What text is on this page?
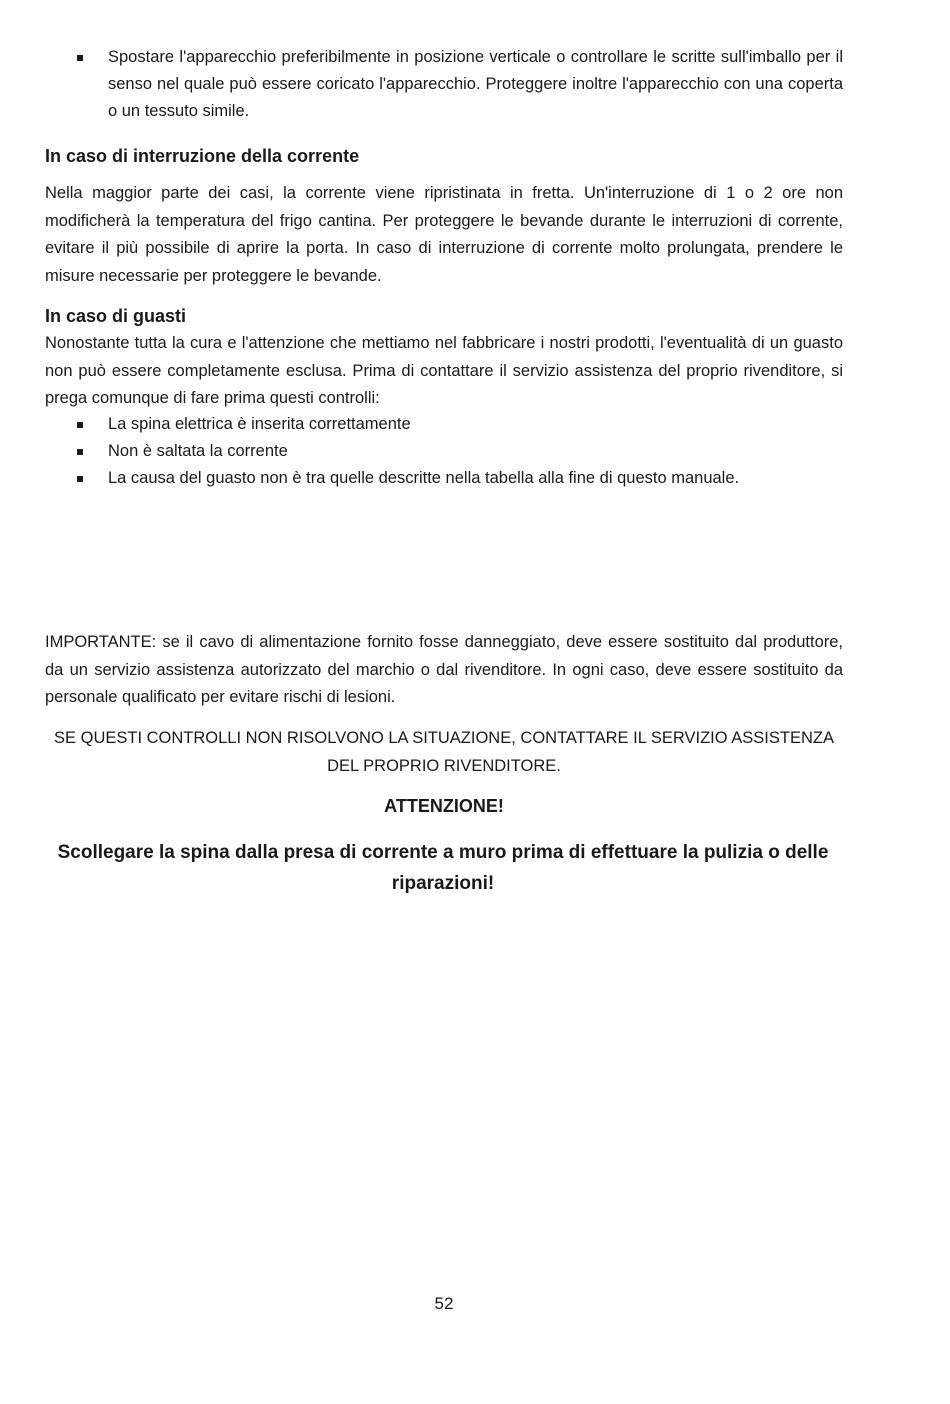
Spostare l'apparecchio preferibilmente in posizione verticale o controllare le scritte sull'imballo per il senso nel quale può essere coricato l'apparecchio. Proteggere inoltre l'apparecchio con una coperta o un tessuto simile.
In caso di interruzione della corrente

Nella maggior parte dei casi, la corrente viene ripristinata in fretta. Un'interruzione di 1 o 2 ore non modificherà la temperatura del frigo cantina. Per proteggere le bevande durante le interruzioni di corrente, evitare il più possibile di aprire la porta. In caso di interruzione di corrente molto prolungata, prendere le misure necessarie per proteggere le bevande.

In caso di guasti

Nonostante tutta la cura e l'attenzione che mettiamo nel fabbricare i nostri prodotti, l'eventualità di un guasto non può essere completamente esclusa. Prima di contattare il servizio assistenza del proprio rivenditore, si prega comunque di fare prima questi controlli:

La spina elettrica è inserita correttamente
Non è saltata la corrente
La causa del guasto non è tra quelle descritte nella tabella alla fine di questo manuale.

IMPORTANTE: se il cavo di alimentazione fornito fosse danneggiato, deve essere sostituito dal produttore, da un servizio assistenza autorizzato del marchio o dal rivenditore. In ogni caso, deve essere sostituito da personale qualificato per evitare rischi di lesioni.

SE QUESTI CONTROLLI NON RISOLVONO LA SITUAZIONE, CONTATTARE IL SERVIZIO ASSISTENZA DEL PROPRIO RIVENDITORE.

ATTENZIONE!

Scollegare la spina dalla presa di corrente a muro prima di effettuare la pulizia o delle riparazioni!

52
